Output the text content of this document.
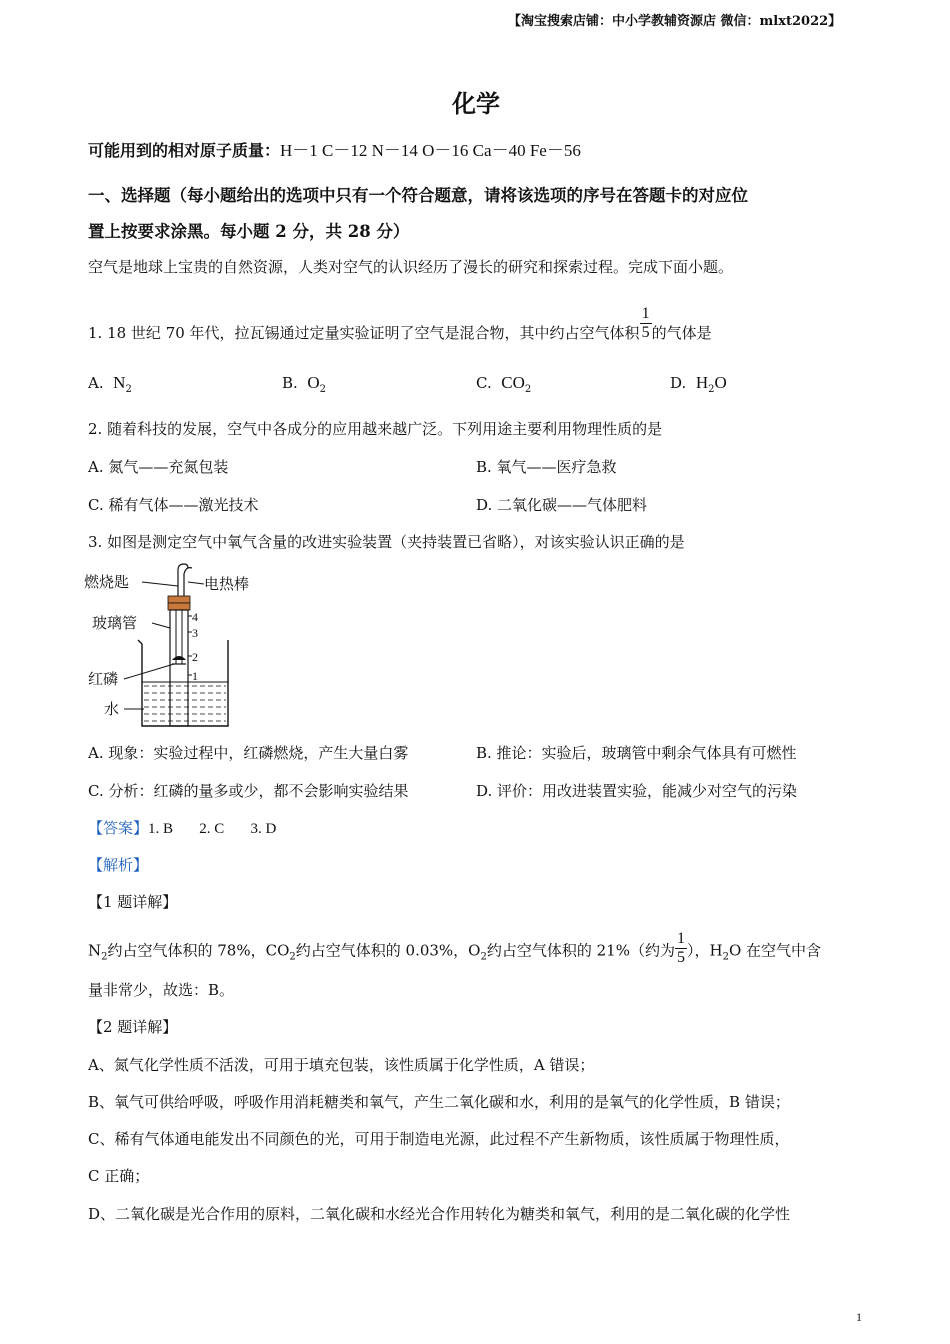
【淘宝搜索店铺：中小学教辅资源店 微信：mlxt2022】
化学
可能用到的相对原子质量：H－1 C－12 N－14 O－16 Ca－40 Fe－56
一、选择题（每小题给出的选项中只有一个符合题意，请将该选项的序号在答题卡的对应位
置上按要求涂黑。每小题 2 分，共 28 分）
空气是地球上宝贵的自然资源，人类对空气的认识经历了漫长的研究和探索过程。完成下面小题。
1. 18 世纪 70 年代，拉瓦锡通过定量实验证明了空气是混合物，其中约占空气体积 $\frac{1}{5}$ 的气体是
A. $N_2$	B. $O_2$	C. $CO_2$	D. $H_2O$
2. 随着科技的发展，空气中各成分的应用越来越广泛。下列用途主要利用物理性质的是
A. 氮气——充氮包装	B. 氧气——医疗急救
C. 稀有气体——激光技术	D. 二氧化碳——气体肥料
3. 如图是测定空气中氧气含量的改进实验装置（夹持装置已省略），对该实验认识正确的是
燃烧匙	电热棒
玻璃管
红磷
水
4
3
2
1
A. 现象：实验过程中，红磷燃烧，产生大量白雾	B. 推论：实验后，玻璃管中剩余气体具有可燃性
C. 分析：红磷的量多或少，都不会影响实验结果	D. 评价：用改进装置实验，能减少对空气的污染
【答案】1. B       2. C       3. D
【解析】
【1 题详解】
$N_2$约占空气体积的 78%，$CO_2$约占空气体积的 0.03%，$O_2$约占空气体积的 21%（约为 $\frac{1}{5}$ ），$H_2O$ 在空气中含
量非常少，故选：B。
【2 题详解】
A、氮气化学性质不活泼，可用于填充包装，该性质属于化学性质，A 错误；
B、氧气可供给呼吸，呼吸作用消耗糖类和氧气，产生二氧化碳和水，利用的是氧气的化学性质，B 错误；
C、稀有气体通电能发出不同颜色的光，可用于制造电光源，此过程不产生新物质，该性质属于物理性质，
C 正确；
D、二氧化碳是光合作用的原料，二氧化碳和水经光合作用转化为糖类和氧气，利用的是二氧化碳的化学性
1
